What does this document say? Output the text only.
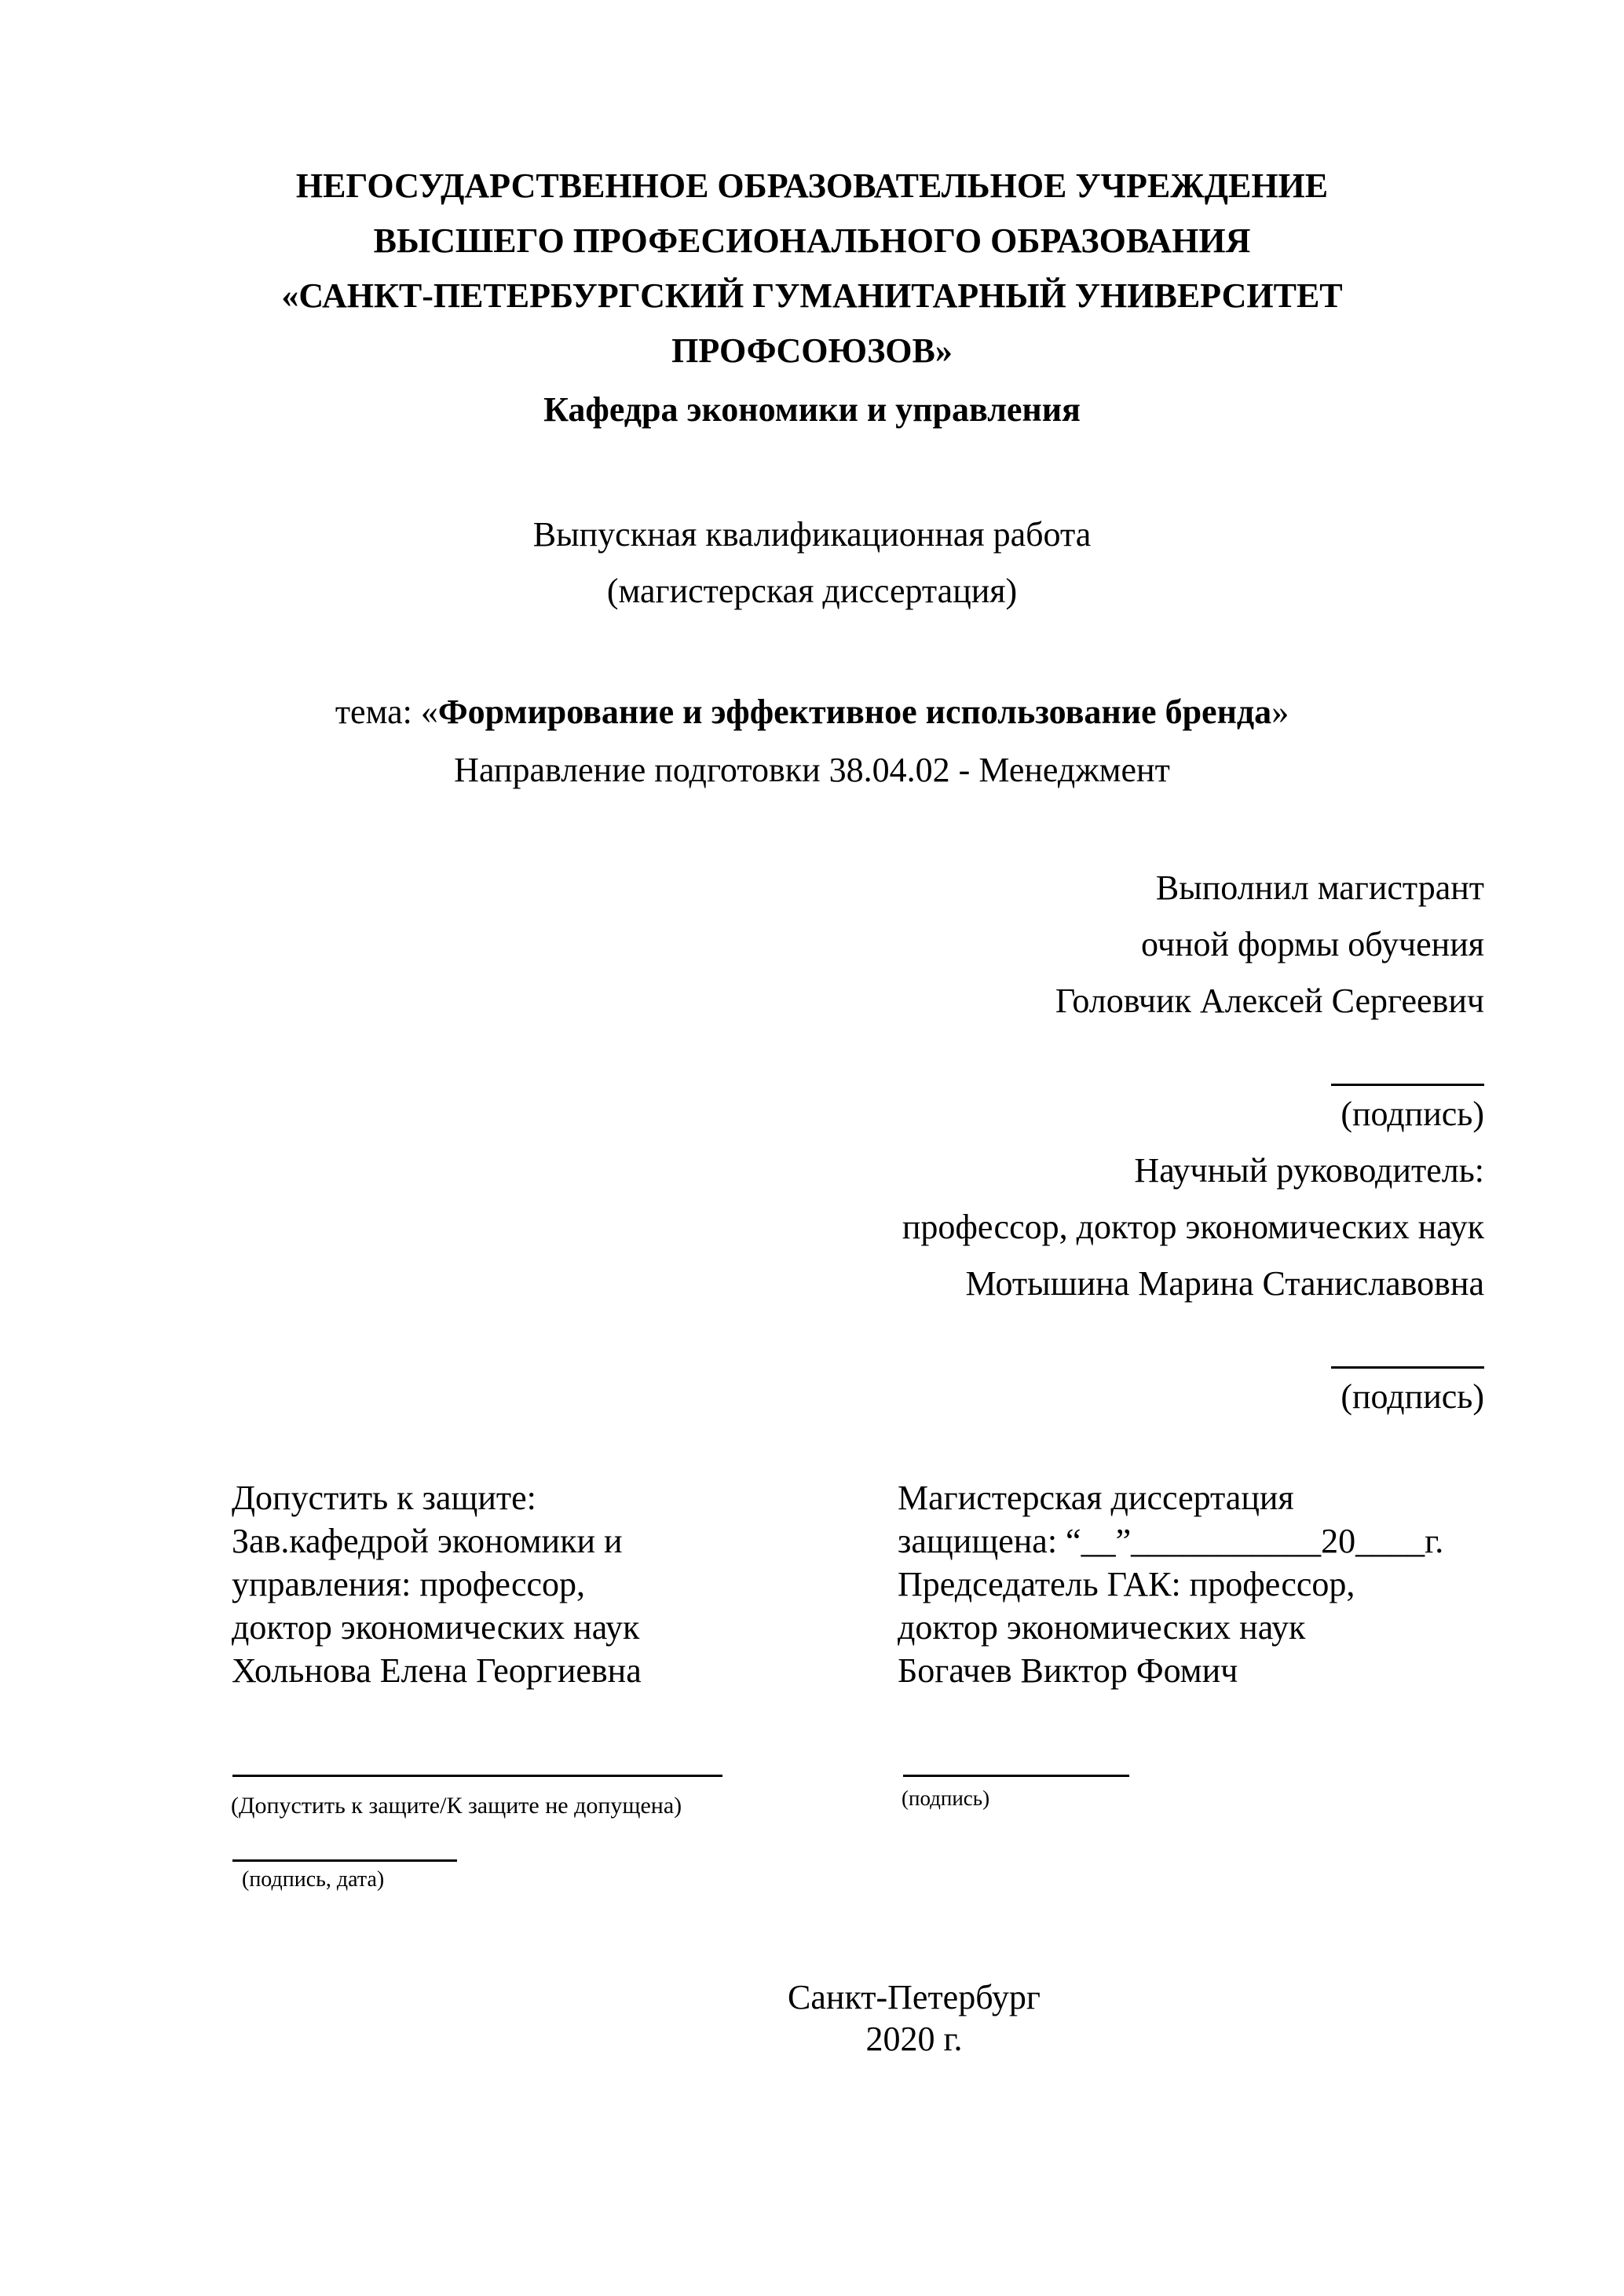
НЕГОСУДАРСТВЕННОЕ ОБРАЗОВАТЕЛЬНОЕ УЧРЕЖДЕНИЕ
ВЫСШЕГО ПРОФЕСИОНАЛЬНОГО ОБРАЗОВАНИЯ
«САНКТ-ПЕТЕРБУРГСКИЙ ГУМАНИТАРНЫЙ УНИВЕРСИТЕТ
ПРОФСОЮЗОВ»
Кафедра экономики и управления
Выпускная квалификационная работа
(магистерская диссертация)
тема: «Формирование и эффективное использование бренда»
Направление подготовки 38.04.02 - Менеджмент
Выполнил магистрант
очной формы обучения
Головчик Алексей Сергеевич
(подпись)
Научный руководитель:
профессор, доктор экономических наук
Мотышина Марина Станиславовна
(подпись)
Допустить к защите:
Зав.кафедрой экономики и
управления: профессор,
доктор экономических наук
Хольнова Елена Георгиевна
Магистерская диссертация
защищена: “__”___________20____г.
Председатель ГАК: профессор,
доктор экономических наук
Богачев Виктор Фомич
(Допустить к защите/К защите не допущена)	(подпись)
(подпись, дата)
Санкт-Петербург
2020 г.
